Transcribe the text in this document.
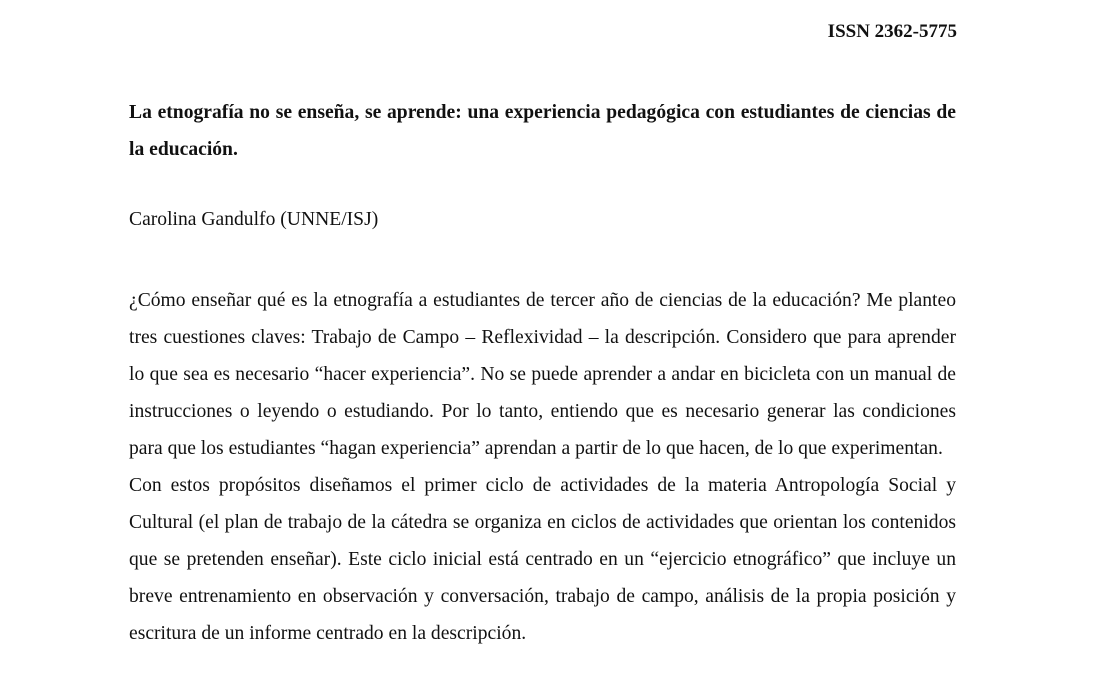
ISSN 2362-5775
La etnografía no se enseña, se aprende: una experiencia pedagógica con estudiantes de ciencias de la educación.

Carolina Gandulfo (UNNE/ISJ)

¿Cómo enseñar qué es la etnografía a estudiantes de tercer año de ciencias de la educación? Me planteo tres cuestiones claves: Trabajo de Campo – Reflexividad – la descripción. Considero que para aprender lo que sea es necesario “hacer experiencia”. No se puede aprender a andar en bicicleta con un manual de instrucciones o leyendo o estudiando. Por lo tanto, entiendo que es necesario generar las condiciones para que los estudiantes “hagan experiencia” aprendan a partir de lo que hacen, de lo que experimentan.

Con estos propósitos diseñamos el primer ciclo de actividades de la materia Antropología Social y Cultural (el plan de trabajo de la cátedra se organiza en ciclos de actividades que orientan los contenidos que se pretenden enseñar). Este ciclo inicial está centrado en un “ejercicio etnográfico” que incluye un breve entrenamiento en observación y conversación, trabajo de campo, análisis de la propia posición y escritura de un informe centrado en la descripción.
